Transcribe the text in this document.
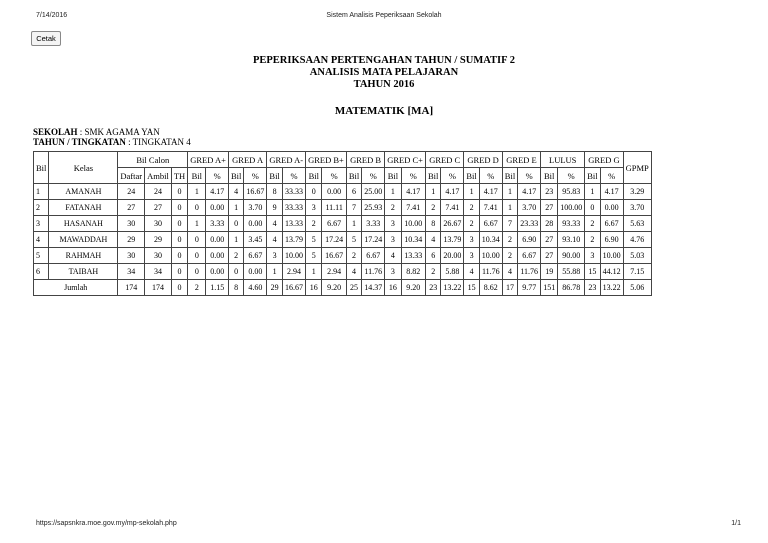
7/14/2016	Sistem Analisis Peperiksaan Sekolah
Cetak
PEPERIKSAAN PERTENGAHAN TAHUN / SUMATIF 2
ANALISIS MATA PELAJARAN
TAHUN 2016
MATEMATIK [MA]
SEKOLAH : SMK AGAMA YAN
TAHUN / TINGKATAN : TINGKATAN 4
Bil	Kelas	Bil Calon			GRED A+		GRED A		GRED A-		GRED B+		GRED B		GRED C+		GRED C		GRED D		GRED E		LULUS		GRED G		GPMP
		Daftar	Ambil	TH	Bil	%	Bil	%	Bil	%	Bil	%	Bil	%	Bil	%	Bil	%	Bil	%	Bil	%	Bil	%	Bil	%	
1	AMANAH	24	24	0	1	4.17	4	16.67	8	33.33	0	0.00	6	25.00	1	4.17	1	4.17	1	4.17	1	4.17	23	95.83	1	4.17	3.29
2	FATANAH	27	27	0	0	0.00	1	3.70	9	33.33	3	11.11	7	25.93	2	7.41	2	7.41	2	7.41	1	3.70	27	100.00	0	0.00	3.70
3	HASANAH	30	30	0	1	3.33	0	0.00	4	13.33	2	6.67	1	3.33	3	10.00	8	26.67	2	6.67	7	23.33	28	93.33	2	6.67	5.63
4	MAWADDAH	29	29	0	0	0.00	1	3.45	4	13.79	5	17.24	5	17.24	3	10.34	4	13.79	3	10.34	2	6.90	27	93.10	2	6.90	4.76
5	RAHMAH	30	30	0	0	0.00	2	6.67	3	10.00	5	16.67	2	6.67	4	13.33	6	20.00	3	10.00	2	6.67	27	90.00	3	10.00	5.03
6	TAIBAH	34	34	0	0	0.00	0	0.00	1	2.94	1	2.94	4	11.76	3	8.82	2	5.88	4	11.76	4	11.76	19	55.88	15	44.12	7.15
Jumlah		174	174	0	2	1.15	8	4.60	29	16.67	16	9.20	25	14.37	16	9.20	23	13.22	15	8.62	17	9.77	151	86.78	23	13.22	5.06
https://sapsnkra.moe.gov.my/mp-sekolah.php	1/1
